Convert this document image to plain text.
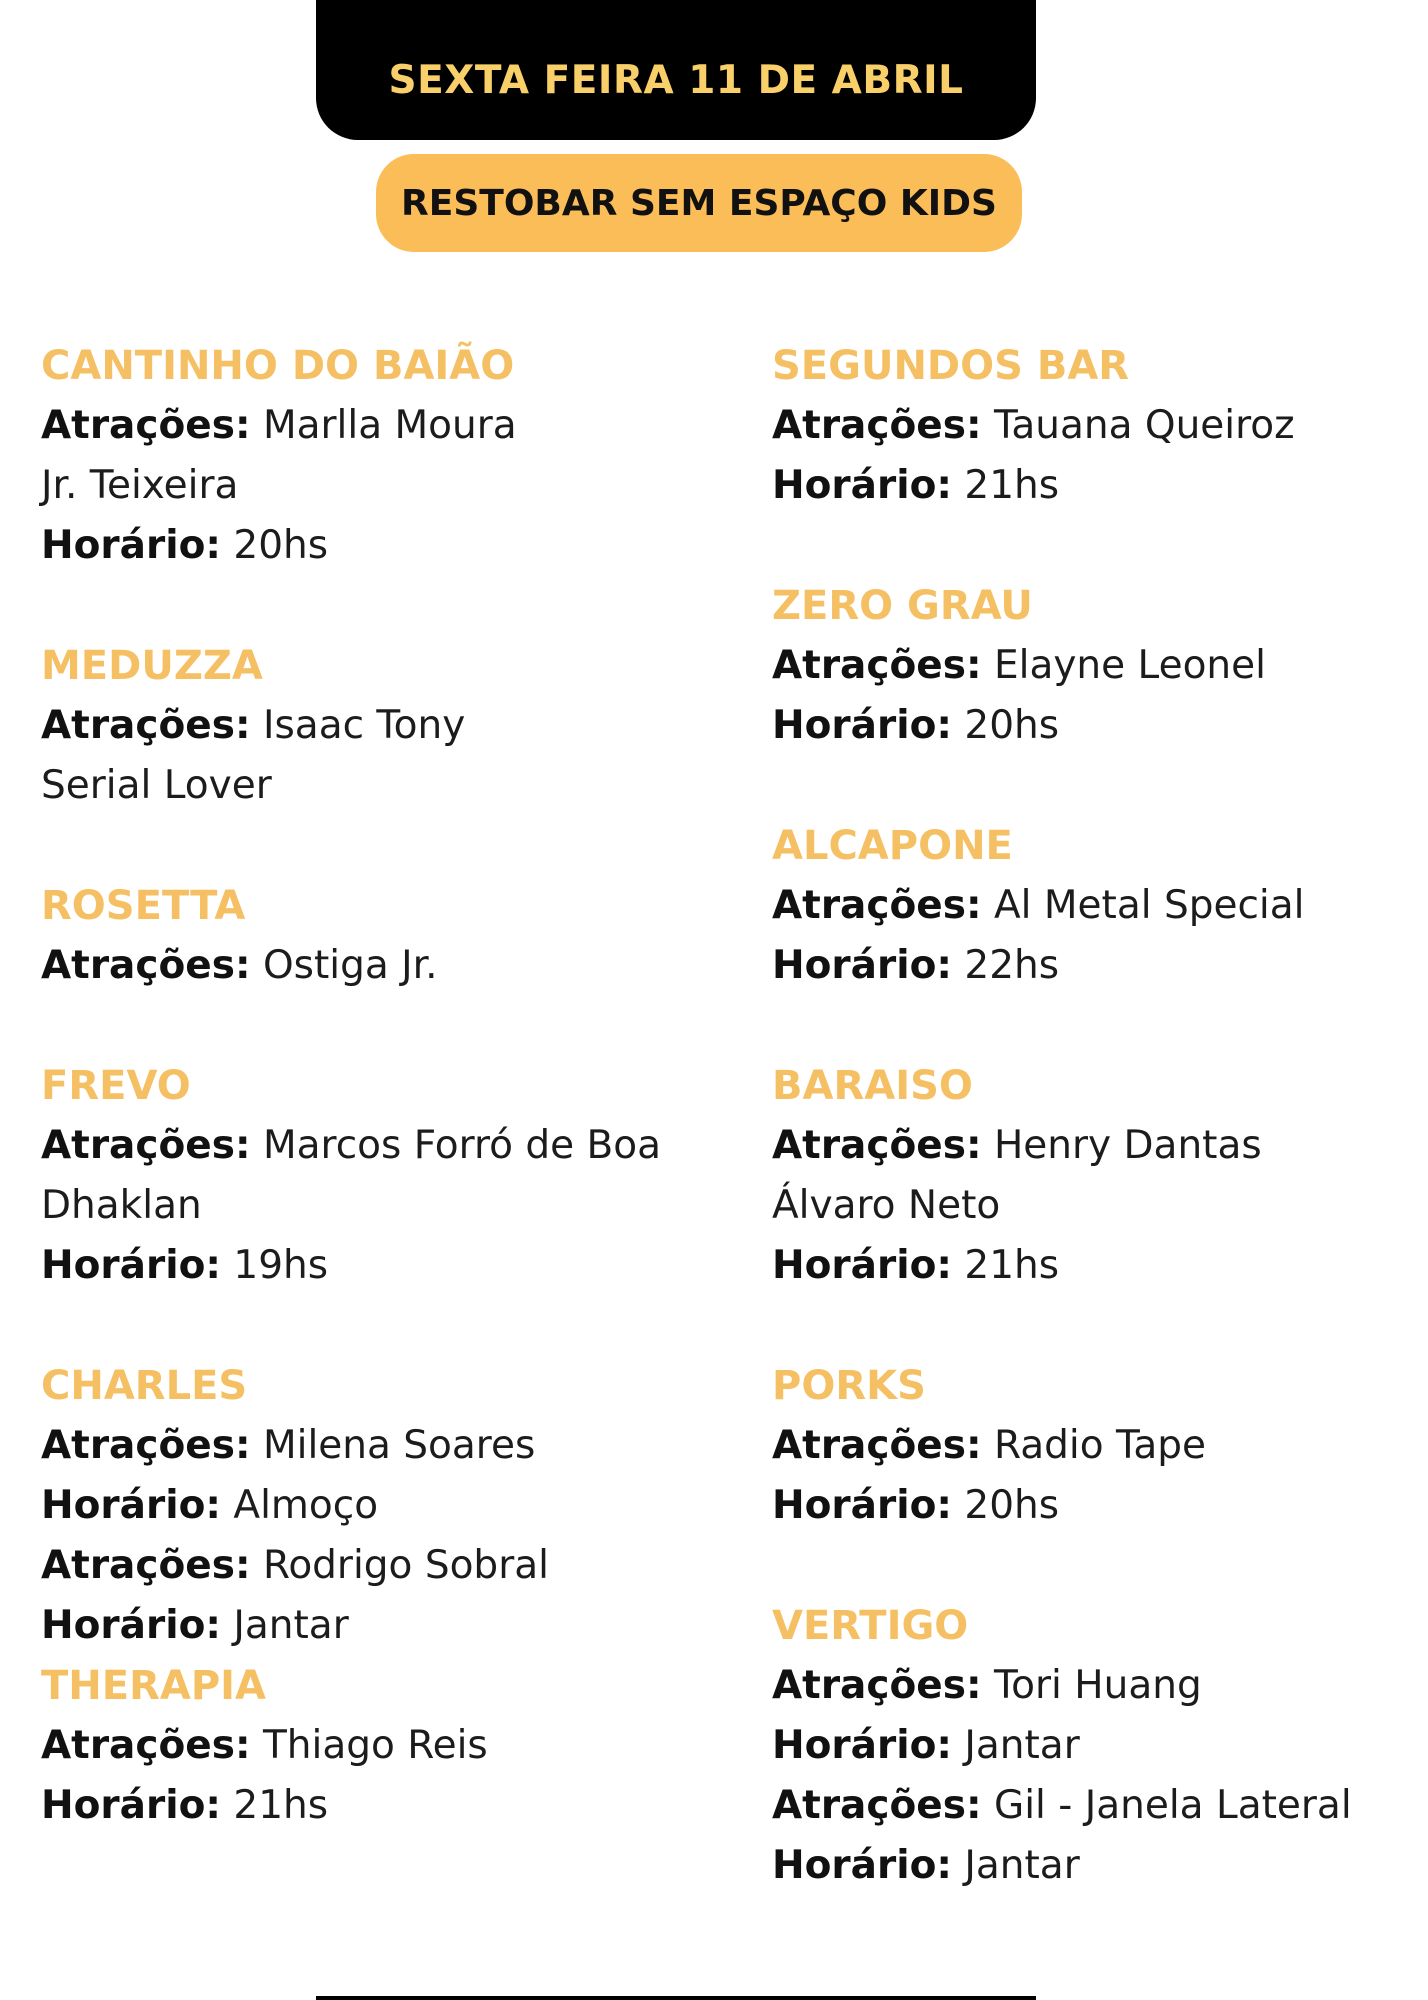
SEXTA FEIRA 11 DE ABRIL
RESTOBAR SEM ESPAÇO KIDS
CANTINHO DO BAIÃO
Atrações: Marlla Moura
Jr. Teixeira
Horário: 20hs
MEDUZZA
Atrações: Isaac Tony
Serial Lover
ROSETTA
Atrações: Ostiga Jr.
FREVO
Atrações: Marcos Forró de Boa
Dhaklan
Horário: 19hs
CHARLES
Atrações: Milena Soares
Horário: Almoço
Atrações: Rodrigo Sobral
Horário: Jantar
THERAPIA
Atrações: Thiago Reis
Horário: 21hs
SEGUNDOS BAR
Atrações: Tauana Queiroz
Horário: 21hs
ZERO GRAU
Atrações: Elayne Leonel
Horário: 20hs
ALCAPONE
Atrações: Al Metal Special
Horário: 22hs
BARAISO
Atrações: Henry Dantas
Álvaro Neto
Horário: 21hs
PORKS
Atrações: Radio Tape
Horário: 20hs
VERTIGO
Atrações: Tori Huang
Horário: Jantar
Atrações: Gil - Janela Lateral
Horário: Jantar
